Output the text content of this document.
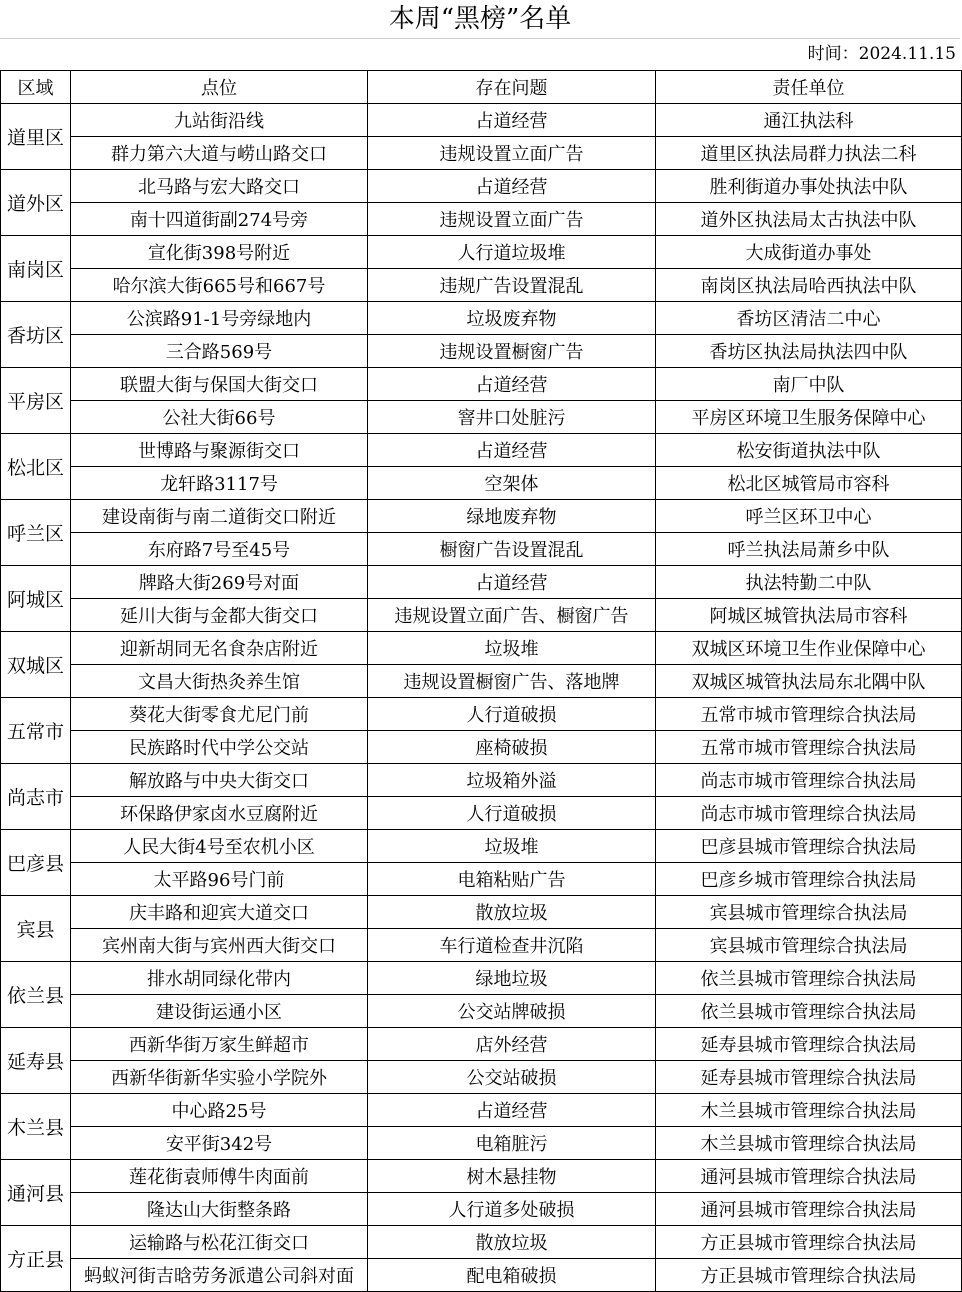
本周“黑榜”名单
时间：2024.11.15
区域	点位	存在问题	责任单位
道里区	九站街沿线	占道经营	通江执法科
	群力第六大道与崂山路交口	违规设置立面广告	道里区执法局群力执法二科
道外区	北马路与宏大路交口	占道经营	胜利街道办事处执法中队
	南十四道街副274号旁	违规设置立面广告	道外区执法局太古执法中队
南岗区	宣化街398号附近	人行道垃圾堆	大成街道办事处
	哈尔滨大街665号和667号	违规广告设置混乱	南岗区执法局哈西执法中队
香坊区	公滨路91-1号旁绿地内	垃圾废弃物	香坊区清洁二中心
	三合路569号	违规设置橱窗广告	香坊区执法局执法四中队
平房区	联盟大街与保国大街交口	占道经营	南厂中队
	公社大街66号	窨井口处脏污	平房区环境卫生服务保障中心
松北区	世博路与聚源街交口	占道经营	松安街道执法中队
	龙轩路3117号	空架体	松北区城管局市容科
呼兰区	建设南街与南二道街交口附近	绿地废弃物	呼兰区环卫中心
	东府路7号至45号	橱窗广告设置混乱	呼兰执法局萧乡中队
阿城区	牌路大街269号对面	占道经营	执法特勤二中队
	延川大街与金都大街交口	违规设置立面广告、橱窗广告	阿城区城管执法局市容科
双城区	迎新胡同无名食杂店附近	垃圾堆	双城区环境卫生作业保障中心
	文昌大街热灸养生馆	违规设置橱窗广告、落地牌	双城区城管执法局东北隅中队
五常市	葵花大街零食尤尼门前	人行道破损	五常市城市管理综合执法局
	民族路时代中学公交站	座椅破损	五常市城市管理综合执法局
尚志市	解放路与中央大街交口	垃圾箱外溢	尚志市城市管理综合执法局
	环保路伊家卤水豆腐附近	人行道破损	尚志市城市管理综合执法局
巴彦县	人民大街4号至农机小区	垃圾堆	巴彦县城市管理综合执法局
	太平路96号门前	电箱粘贴广告	巴彦乡城市管理综合执法局
宾县	庆丰路和迎宾大道交口	散放垃圾	宾县城市管理综合执法局
	宾州南大街与宾州西大街交口	车行道检查井沉陷	宾县城市管理综合执法局
依兰县	排水胡同绿化带内	绿地垃圾	依兰县城市管理综合执法局
	建设街运通小区	公交站牌破损	依兰县城市管理综合执法局
延寿县	西新华街万家生鲜超市	店外经营	延寿县城市管理综合执法局
	西新华街新华实验小学院外	公交站破损	延寿县城市管理综合执法局
木兰县	中心路25号	占道经营	木兰县城市管理综合执法局
	安平街342号	电箱脏污	木兰县城市管理综合执法局
通河县	莲花街袁师傅牛肉面前	树木悬挂物	通河县城市管理综合执法局
	隆达山大街整条路	人行道多处破损	通河县城市管理综合执法局
方正县	运输路与松花江街交口	散放垃圾	方正县城市管理综合执法局
	蚂蚁河街吉晗劳务派遣公司斜对面	配电箱破损	方正县城市管理综合执法局
